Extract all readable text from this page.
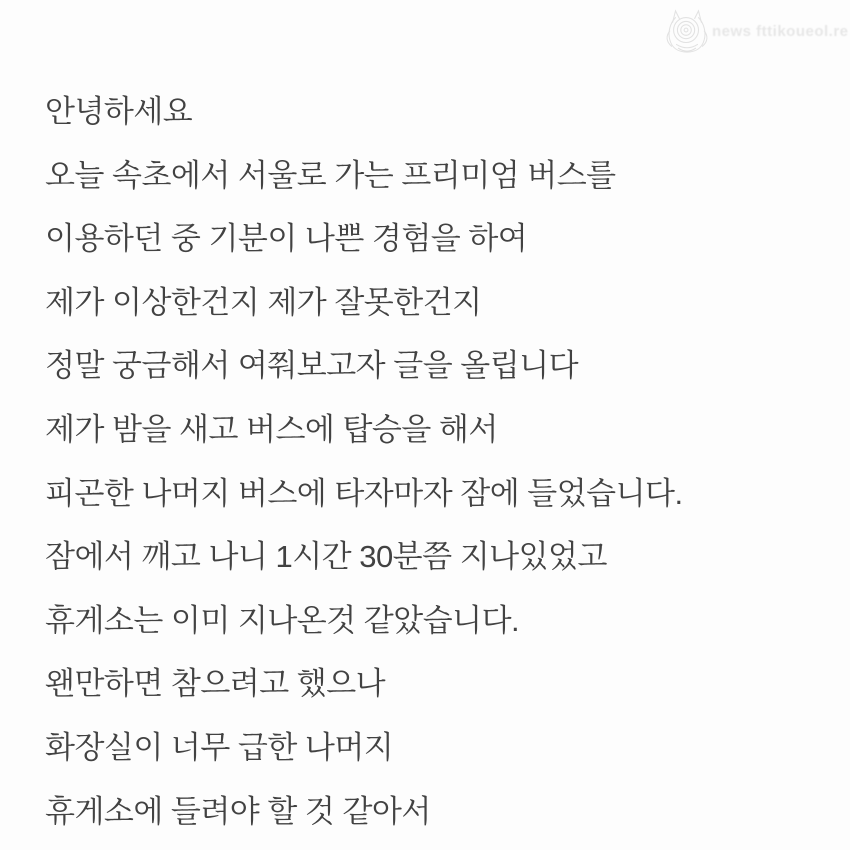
news fttikoueol.re
안녕하세요
오늘 속초에서 서울로 가는 프리미엄 버스를
이용하던 중 기분이 나쁜 경험을 하여
제가 이상한건지 제가 잘못한건지
정말 궁금해서 여쭤보고자 글을 올립니다
제가 밤을 새고 버스에 탑승을 해서
피곤한 나머지 버스에 타자마자 잠에 들었습니다.
잠에서 깨고 나니 1시간 30분쯤 지나있었고
휴게소는 이미 지나온것 같았습니다.
왠만하면 참으려고 했으나
화장실이 너무 급한 나머지
휴게소에 들려야 할 것 같아서
